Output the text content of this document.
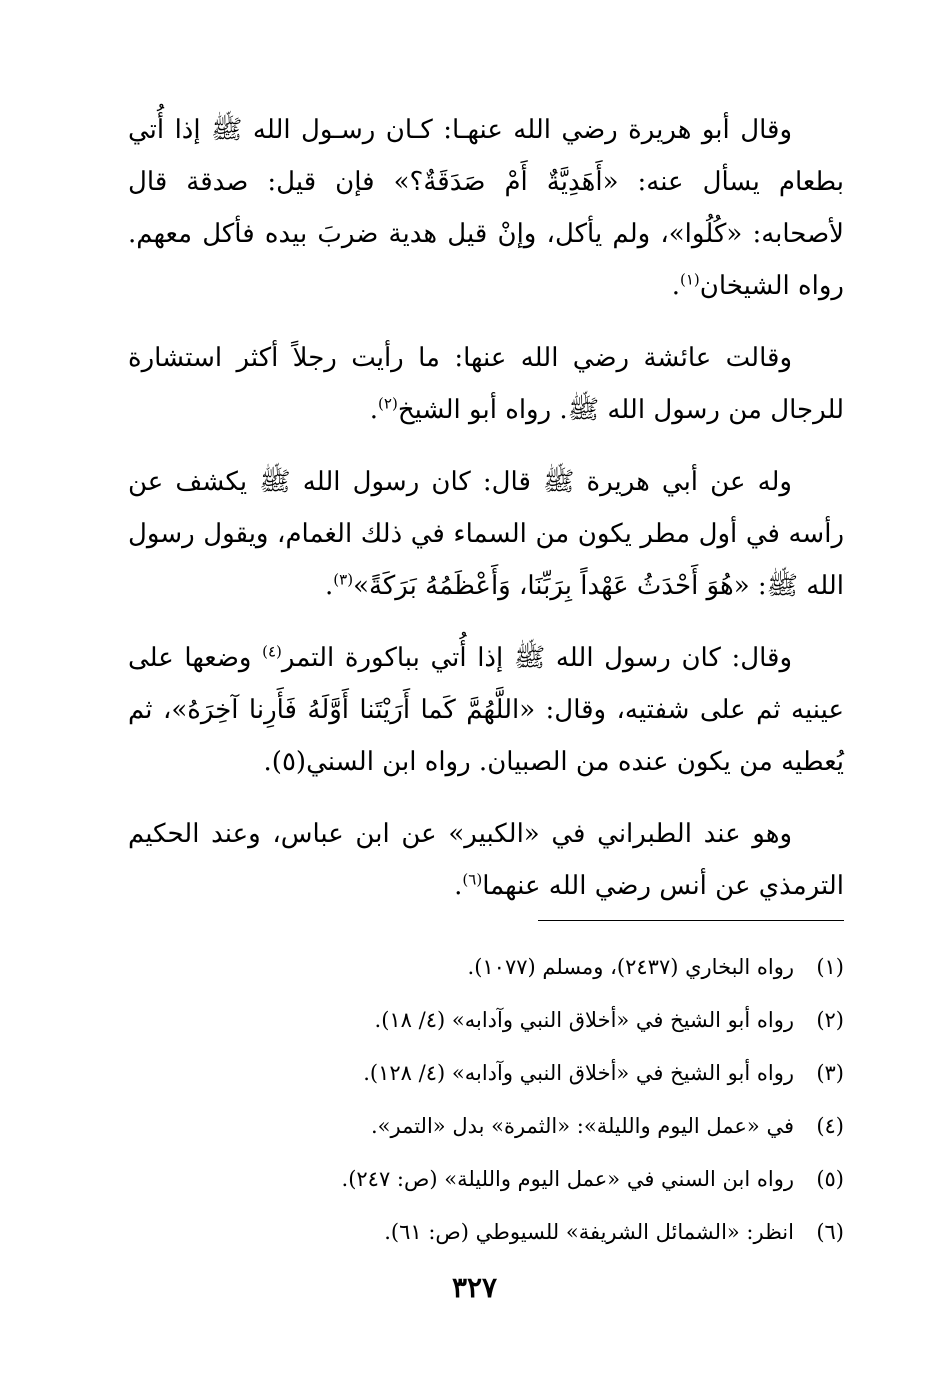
وقال أبو هريرة رضي الله عنهـا: كـان رسـول الله ﷺ إذا أُتي بطعام يسأل عنه: «أَهَدِيَّةٌ أَمْ صَدَقَةٌ؟» فإن قيل: صدقة قال لأصحابه: «كُلُوا»، ولم يأكل، وإنْ قيل هدية ضربَ بيده فأكل معهم. رواه الشيخان$^{(١)}$.

وقالت عائشة رضي الله عنها: ما رأيت رجلاً أكثر استشارة للرجال من رسول الله ﷺ. رواه أبو الشيخ$^{(٢)}$.

وله عن أبي هريرة ﷺ قال: كان رسول الله ﷺ يكشف عن رأسه في أول مطر يكون من السماء في ذلك الغمام، ويقول رسول الله ﷺ: «هُوَ أَحْدَثُ عَهْداً بِرَبِّنَا، وَأَعْظَمُهُ بَرَكَةً»$^{(٣)}$.

وقال: كان رسول الله ﷺ إذا أُتي بباكورة التمر$^{(٤)}$ وضعها على عينيه ثم على شفتيه، وقال: «اللَّهُمَّ كَما أَرَيْتَنا أَوَّلَهُ فَأَرِنا آخِرَهُ»، ثم يُعطيه من يكون عنده من الصبيان. رواه ابن السني(٥).

وهو عند الطبراني في «الكبير» عن ابن عباس، وعند الحكيم الترمذي عن أنس رضي الله عنهما$^{(٦)}$.

(١)
رواه البخاري (٢٤٣٧)، ومسلم (١٠٧٧).
(٢)
رواه أبو الشيخ في «أخلاق النبي وآدابه» (٤/ ١٨).
(٣)
رواه أبو الشيخ في «أخلاق النبي وآدابه» (٤/ ١٢٨).
(٤)
في «عمل اليوم والليلة»: «الثمرة» بدل «التمر».
(٥)
رواه ابن السني في «عمل اليوم والليلة» (ص: ٢٤٧).
(٦)
انظر: «الشمائل الشريفة» للسيوطي (ص: ٦١).
٣٢٧
